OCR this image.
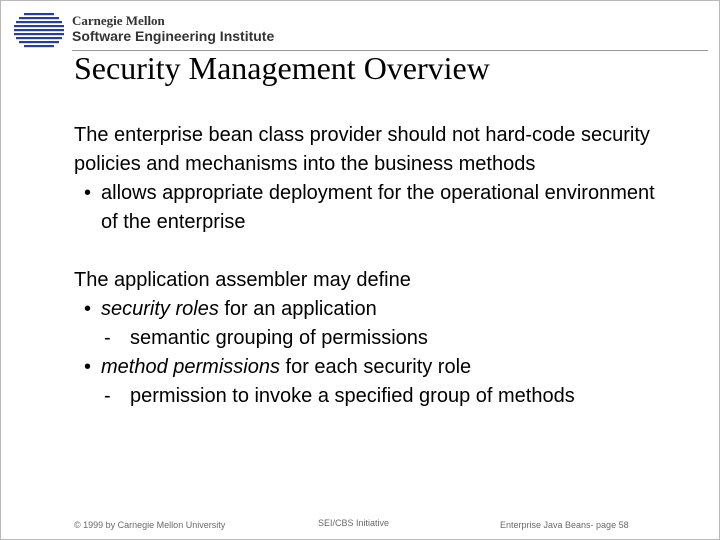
Carnegie Mellon
Software Engineering Institute
Security Management Overview

The enterprise bean class provider should not hard-code security policies and mechanisms into the business methods

• allows appropriate deployment for the operational environment of the enterprise

The application assembler may define

• security roles for an application

- semantic grouping of permissions

• method permissions for each security role

- permission to invoke a specified group of methods

© 1999 by Carnegie Mellon University	SEI/CBS Initiative	Enterprise Java Beans- page 58
